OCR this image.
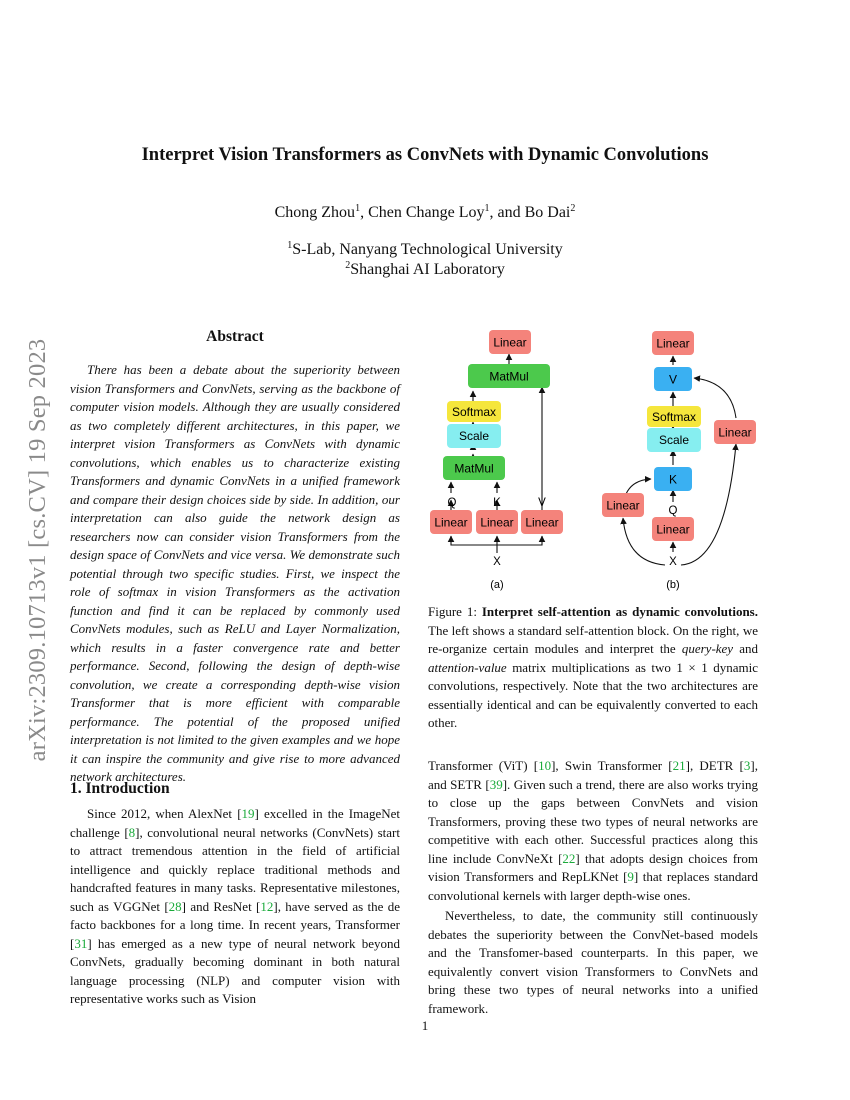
arXiv:2309.10713v1 [cs.CV] 19 Sep 2023
Interpret Vision Transformers as ConvNets with Dynamic Convolutions
Chong Zhou$^1$, Chen Change Loy$^1$, and Bo Dai$^2$
$^1$S-Lab, Nanyang Technological University
$^2$Shanghai AI Laboratory
Abstract
There has been a debate about the superiority between vision Transformers and ConvNets, serving as the backbone of computer vision models. Although they are usually considered as two completely different architectures, in this paper, we interpret vision Transformers as ConvNets with dynamic convolutions, which enables us to characterize existing Transformers and dynamic ConvNets in a unified framework and compare their design choices side by side. In addition, our interpretation can also guide the network design as researchers now can consider vision Transformers from the design space of ConvNets and vice versa. We demonstrate such potential through two specific studies. First, we inspect the role of softmax in vision Transformers as the activation function and find it can be replaced by commonly used ConvNets modules, such as ReLU and Layer Normalization, which results in a faster convergence rate and better performance. Second, following the design of depth-wise convolution, we create a corresponding depth-wise vision Transformer that is more efficient with comparable performance. The potential of the proposed unified interpretation is not limited to the given examples and we hope it can inspire the community and give rise to more advanced network architectures.
1. Introduction

Since 2012, when AlexNet [19] excelled in the ImageNet challenge [8], convolutional neural networks (ConvNets) start to attract tremendous attention in the field of artificial intelligence and quickly replace traditional methods and handcrafted features in many tasks. Representative milestones, such as VGGNet [28] and ResNet [12], have served as the de facto backbones for a long time. In recent years, Transformer [31] has emerged as a new type of neural network beyond ConvNets, gradually becoming dominant in both natural language processing (NLP) and computer vision with representative works such as Vision

Linear
MatMul
Softmax
Scale
MatMul
Q	K	V
Linear Linear Linear
X
(a)
Linear
V
Softmax
Scale
K
Q
Linear
Linear
Linear
X
(b)
Figure 1: Interpret self-attention as dynamic convolutions. The left shows a standard self-attention block. On the right, we re-organize certain modules and interpret the query-key and attention-value matrix multiplications as two 1 × 1 dynamic convolutions, respectively. Note that the two architectures are essentially identical and can be equivalently converted to each other.

Transformer (ViT) [10], Swin Transformer [21], DETR [3], and SETR [39]. Given such a trend, there are also works trying to close up the gaps between ConvNets and vision Transformers, proving these two types of neural networks are competitive with each other. Successful practices along this line include ConvNeXt [22] that adopts design choices from vision Transformers and RepLKNet [9] that replaces standard convolutional kernels with larger depth-wise ones.

Nevertheless, to date, the community still continuously debates the superiority between the ConvNet-based models and the Transfomer-based counterparts. In this paper, we equivalently convert vision Transformers to ConvNets and bring these two types of neural networks into a unified framework.

1
